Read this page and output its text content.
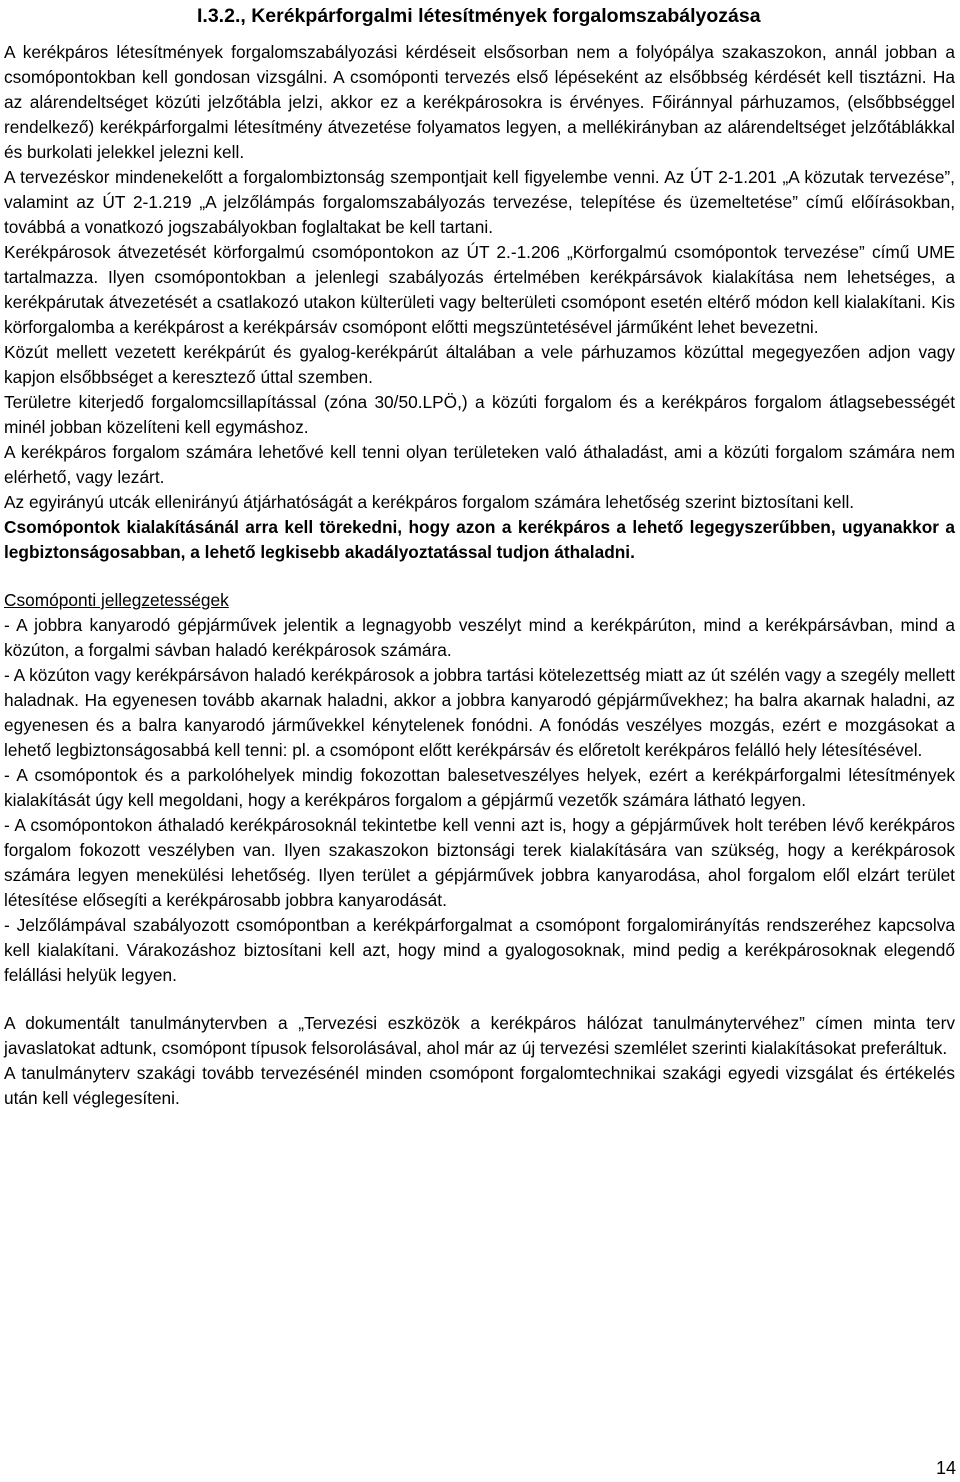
I.3.2., Kerékpárforgalmi létesítmények forgalomszabályozása

A kerékpáros létesítmények forgalomszabályozási kérdéseit elsősorban nem a folyópálya szakaszokon, annál jobban a csomópontokban kell gondosan vizsgálni. A csomóponti tervezés első lépéseként az elsőbbség kérdését kell tisztázni. Ha az alárendeltséget közúti jelzőtábla jelzi, akkor ez a kerékpárosokra is érvényes. Főiránnyal párhuzamos, (elsőbbséggel rendelkező) kerékpárforgalmi létesítmény átvezetése folyamatos legyen, a mellékirányban az alárendeltséget jelzőtáblákkal és burkolati jelekkel jelezni kell.

A tervezéskor mindenekelőtt a forgalombiztonság szempontjait kell figyelembe venni. Az ÚT 2-1.201 „A közutak tervezése”, valamint az ÚT 2-1.219 „A jelzőlámpás forgalomszabályozás tervezése, telepítése és üzemeltetése” című előírásokban, továbbá a vonatkozó jogszabályokban foglaltakat be kell tartani.

Kerékpárosok átvezetését körforgalmú csomópontokon az ÚT 2.-1.206 „Körforgalmú csomópontok tervezése” című UME tartalmazza. Ilyen csomópontokban a jelenlegi szabályozás értelmében kerékpársávok kialakítása nem lehetséges, a kerékpárutak átvezetését a csatlakozó utakon külterületi vagy belterületi csomópont esetén eltérő módon kell kialakítani. Kis körforgalomba a kerékpárost a kerékpársáv csomópont előtti megszüntetésével járműként lehet bevezetni.

Közút mellett vezetett kerékpárút és gyalog-kerékpárút általában a vele párhuzamos közúttal megegyezően adjon vagy kapjon elsőbbséget a keresztező úttal szemben.

Területre kiterjedő forgalomcsillapítással (zóna 30/50.LPÖ,) a közúti forgalom és a kerékpáros forgalom átlagsebességét minél jobban közelíteni kell egymáshoz.

A kerékpáros forgalom számára lehetővé kell tenni olyan területeken való áthaladást, ami a közúti forgalom számára nem elérhető, vagy lezárt.

Az egyirányú utcák ellenirányú átjárhatóságát a kerékpáros forgalom számára lehetőség szerint biztosítani kell.

Csomópontok kialakításánál arra kell törekedni, hogy azon a kerékpáros a lehető legegyszerűbben, ugyanakkor a legbiztonságosabban, a lehető legkisebb akadályoztatással tudjon áthaladni.

Csomóponti jellegzetességek

- A jobbra kanyarodó gépjárművek jelentik a legnagyobb veszélyt mind a kerékpárúton, mind a kerékpársávban, mind a közúton, a forgalmi sávban haladó kerékpárosok számára.

- A közúton vagy kerékpársávon haladó kerékpárosok a jobbra tartási kötelezettség miatt az út szélén vagy a szegély mellett haladnak. Ha egyenesen tovább akarnak haladni, akkor a jobbra kanyarodó gépjárművekhez; ha balra akarnak haladni, az egyenesen és a balra kanyarodó járművekkel kénytelenek fonódni. A fonódás veszélyes mozgás, ezért e mozgásokat a lehető legbiztonságosabbá kell tenni: pl. a csomópont előtt kerékpársáv és előretolt kerékpáros felálló hely létesítésével.

- A csomópontok és a parkolóhelyek mindig fokozottan balesetveszélyes helyek, ezért a kerékpárforgalmi létesítmények kialakítását úgy kell megoldani, hogy a kerékpáros forgalom a gépjármű vezetők számára látható legyen.

- A csomópontokon áthaladó kerékpárosoknál tekintetbe kell venni azt is, hogy a gépjárművek holt terében lévő kerékpáros forgalom fokozott veszélyben van. Ilyen szakaszokon biztonsági terek kialakítására van szükség, hogy a kerékpárosok számára legyen menekülési lehetőség. Ilyen terület a gépjárművek jobbra kanyarodása, ahol forgalom elől elzárt terület létesítése elősegíti a kerékpárosabb jobbra kanyarodását.

- Jelzőlámpával szabályozott csomópontban a kerékpárforgalmat a csomópont forgalomirányítás rendszeréhez kapcsolva kell kialakítani. Várakozáshoz biztosítani kell azt, hogy mind a gyalogosoknak, mind pedig a kerékpárosoknak elegendő felállási helyük legyen.

A dokumentált tanulmánytervben a „Tervezési eszközök a kerékpáros hálózat tanulmánytervéhez” címen minta terv javaslatokat adtunk, csomópont típusok felsorolásával, ahol már az új tervezési szemlélet szerinti kialakításokat preferáltuk.

A tanulmányterv szakági tovább tervezésénél minden csomópont forgalomtechnikai szakági egyedi vizsgálat és értékelés után kell véglegesíteni.

14
